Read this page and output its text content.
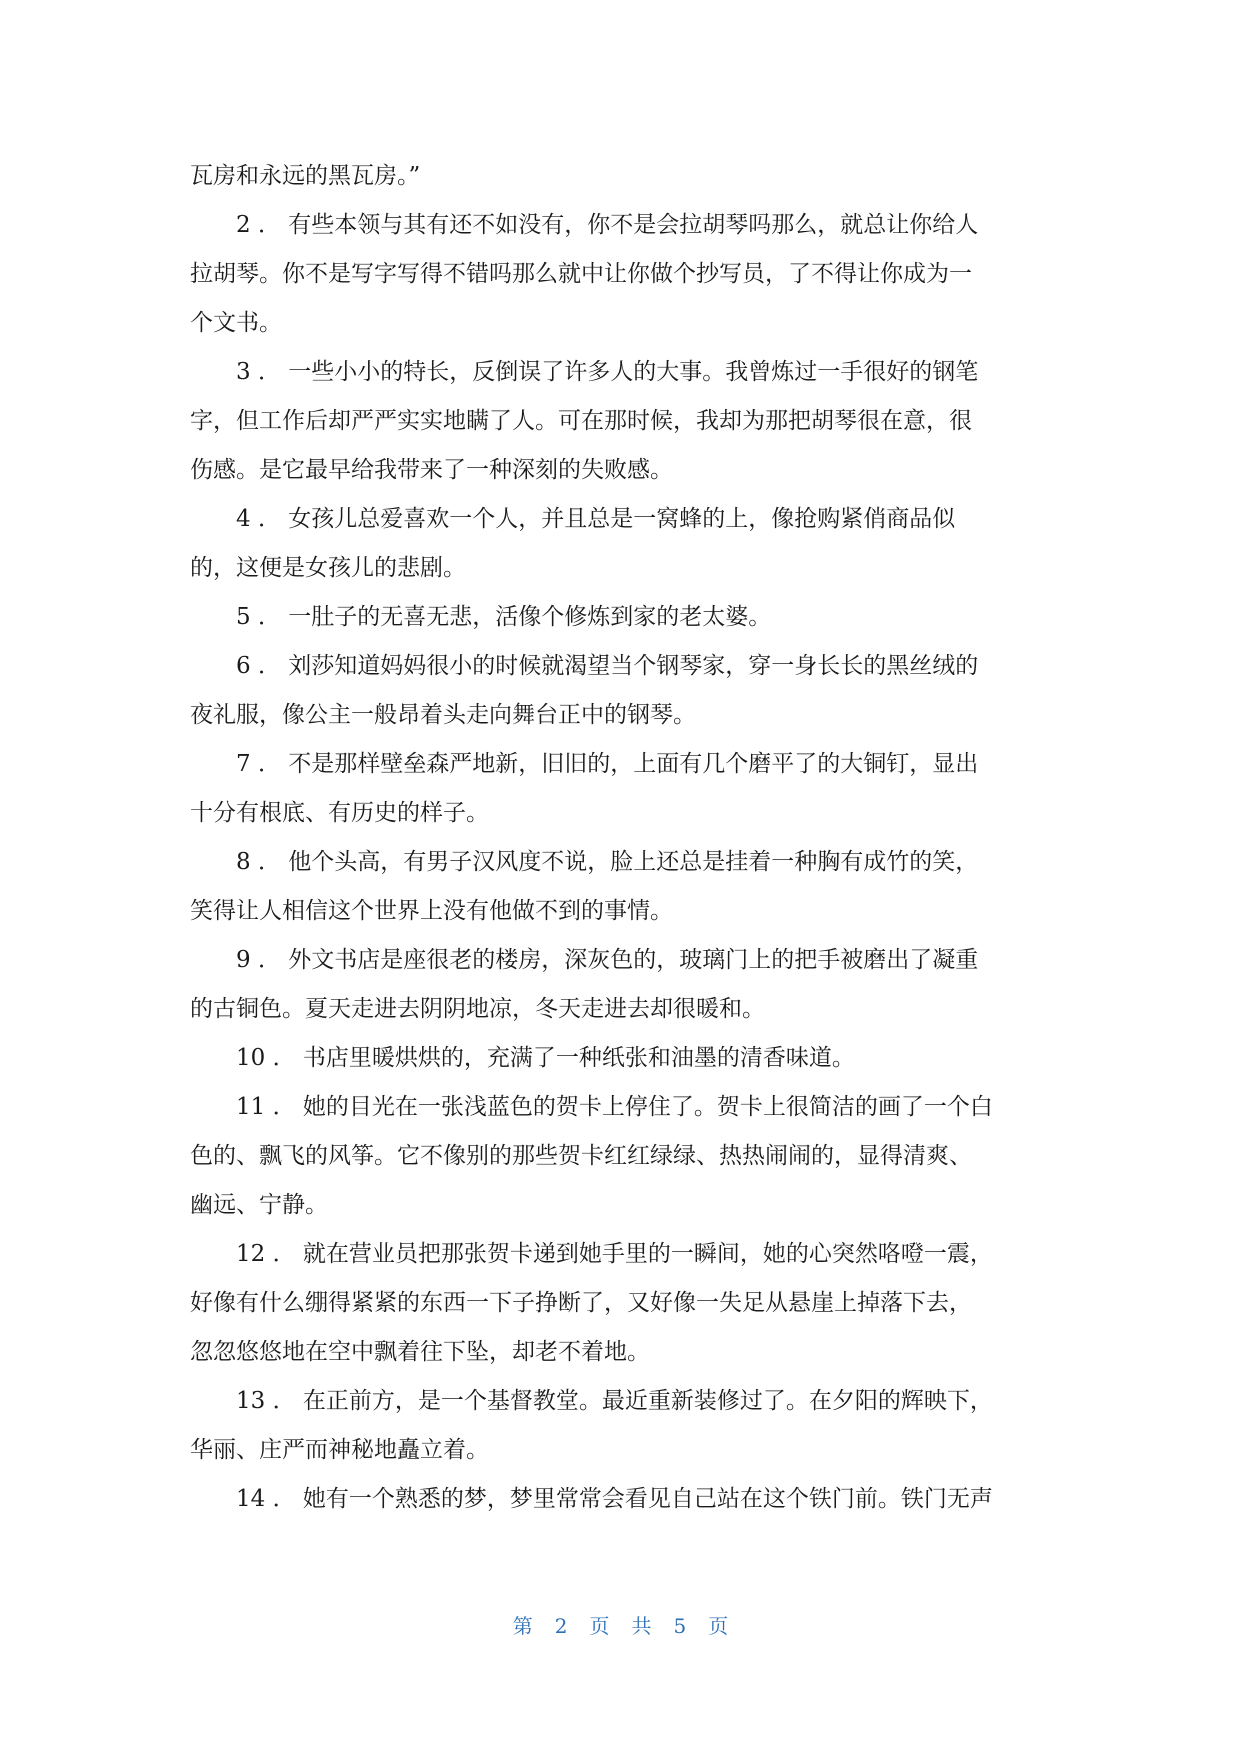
瓦房和永远的黑瓦房。”
2 ． 有些本领与其有还不如没有，你不是会拉胡琴吗那么，就总让你给人
拉胡琴。你不是写字写得不错吗那么就中让你做个抄写员，了不得让你成为一
个文书。
3 ． 一些小小的特长，反倒误了许多人的大事。我曾炼过一手很好的钢笔
字，但工作后却严严实实地瞒了人。可在那时候，我却为那把胡琴很在意，很
伤感。是它最早给我带来了一种深刻的失败感。
4 ． 女孩儿总爱喜欢一个人，并且总是一窝蜂的上，像抢购紧俏商品似
的，这便是女孩儿的悲剧。
5 ． 一肚子的无喜无悲，活像个修炼到家的老太婆。
6 ． 刘莎知道妈妈很小的时候就渴望当个钢琴家，穿一身长长的黑丝绒的
夜礼服，像公主一般昂着头走向舞台正中的钢琴。
7 ． 不是那样壁垒森严地新，旧旧的，上面有几个磨平了的大铜钉，显出
十分有根底、有历史的样子。
8 ． 他个头高，有男子汉风度不说，脸上还总是挂着一种胸有成竹的笑，
笑得让人相信这个世界上没有他做不到的事情。
9 ． 外文书店是座很老的楼房，深灰色的，玻璃门上的把手被磨出了凝重
的古铜色。夏天走进去阴阴地凉，冬天走进去却很暖和。
10 ． 书店里暖烘烘的，充满了一种纸张和油墨的清香味道。
11 ． 她的目光在一张浅蓝色的贺卡上停住了。贺卡上很简洁的画了一个白
色的、飘飞的风筝。它不像别的那些贺卡红红绿绿、热热闹闹的，显得清爽、
幽远、宁静。
12 ． 就在营业员把那张贺卡递到她手里的一瞬间，她的心突然咯噔一震，
好像有什么绷得紧紧的东西一下子挣断了，又好像一失足从悬崖上掉落下去，
忽忽悠悠地在空中飘着往下坠，却老不着地。
13 ． 在正前方，是一个基督教堂。最近重新装修过了。在夕阳的辉映下，
华丽、庄严而神秘地矗立着。
14 ． 她有一个熟悉的梦，梦里常常会看见自己站在这个铁门前。铁门无声
第 2 页 共 5 页
